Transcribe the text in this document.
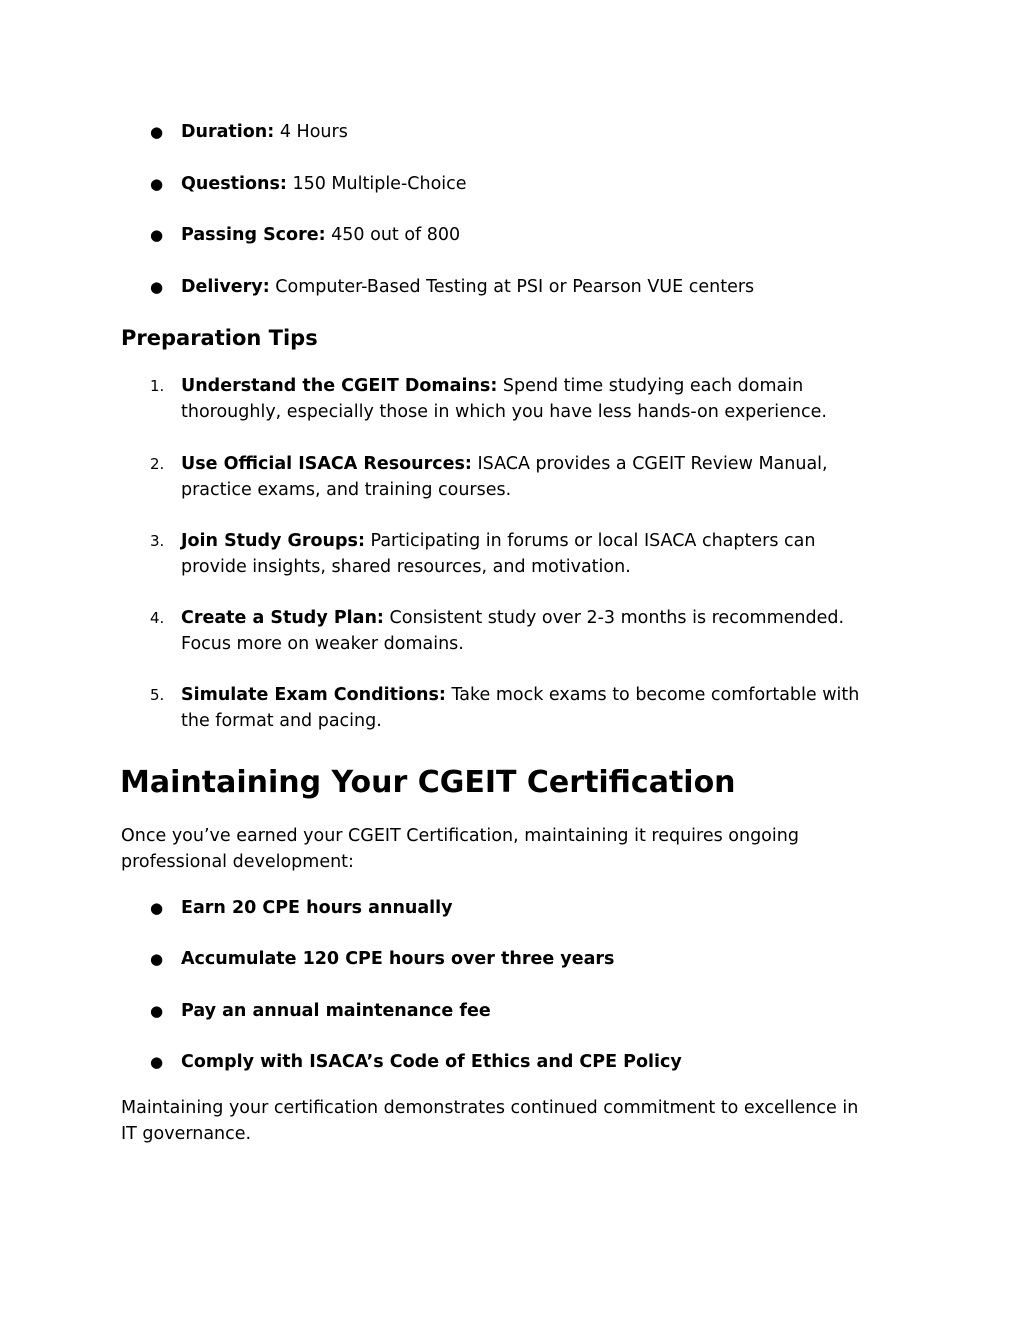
● Duration: 4 Hours
● Questions: 150 Multiple-Choice
● Passing Score: 450 out of 800
● Delivery: Computer-Based Testing at PSI or Pearson VUE centers
Preparation Tips
1. Understand the CGEIT Domains: Spend time studying each domain
thoroughly, especially those in which you have less hands-on experience.
2. Use Official ISACA Resources: ISACA provides a CGEIT Review Manual,
practice exams, and training courses.
3. Join Study Groups: Participating in forums or local ISACA chapters can
provide insights, shared resources, and motivation.
4. Create a Study Plan: Consistent study over 2-3 months is recommended.
Focus more on weaker domains.
5. Simulate Exam Conditions: Take mock exams to become comfortable with
the format and pacing.
Maintaining Your CGEIT Certification
Once you’ve earned your CGEIT Certification, maintaining it requires ongoing
professional development:
● Earn 20 CPE hours annually
● Accumulate 120 CPE hours over three years
● Pay an annual maintenance fee
● Comply with ISACA’s Code of Ethics and CPE Policy
Maintaining your certification demonstrates continued commitment to excellence in
IT governance.
